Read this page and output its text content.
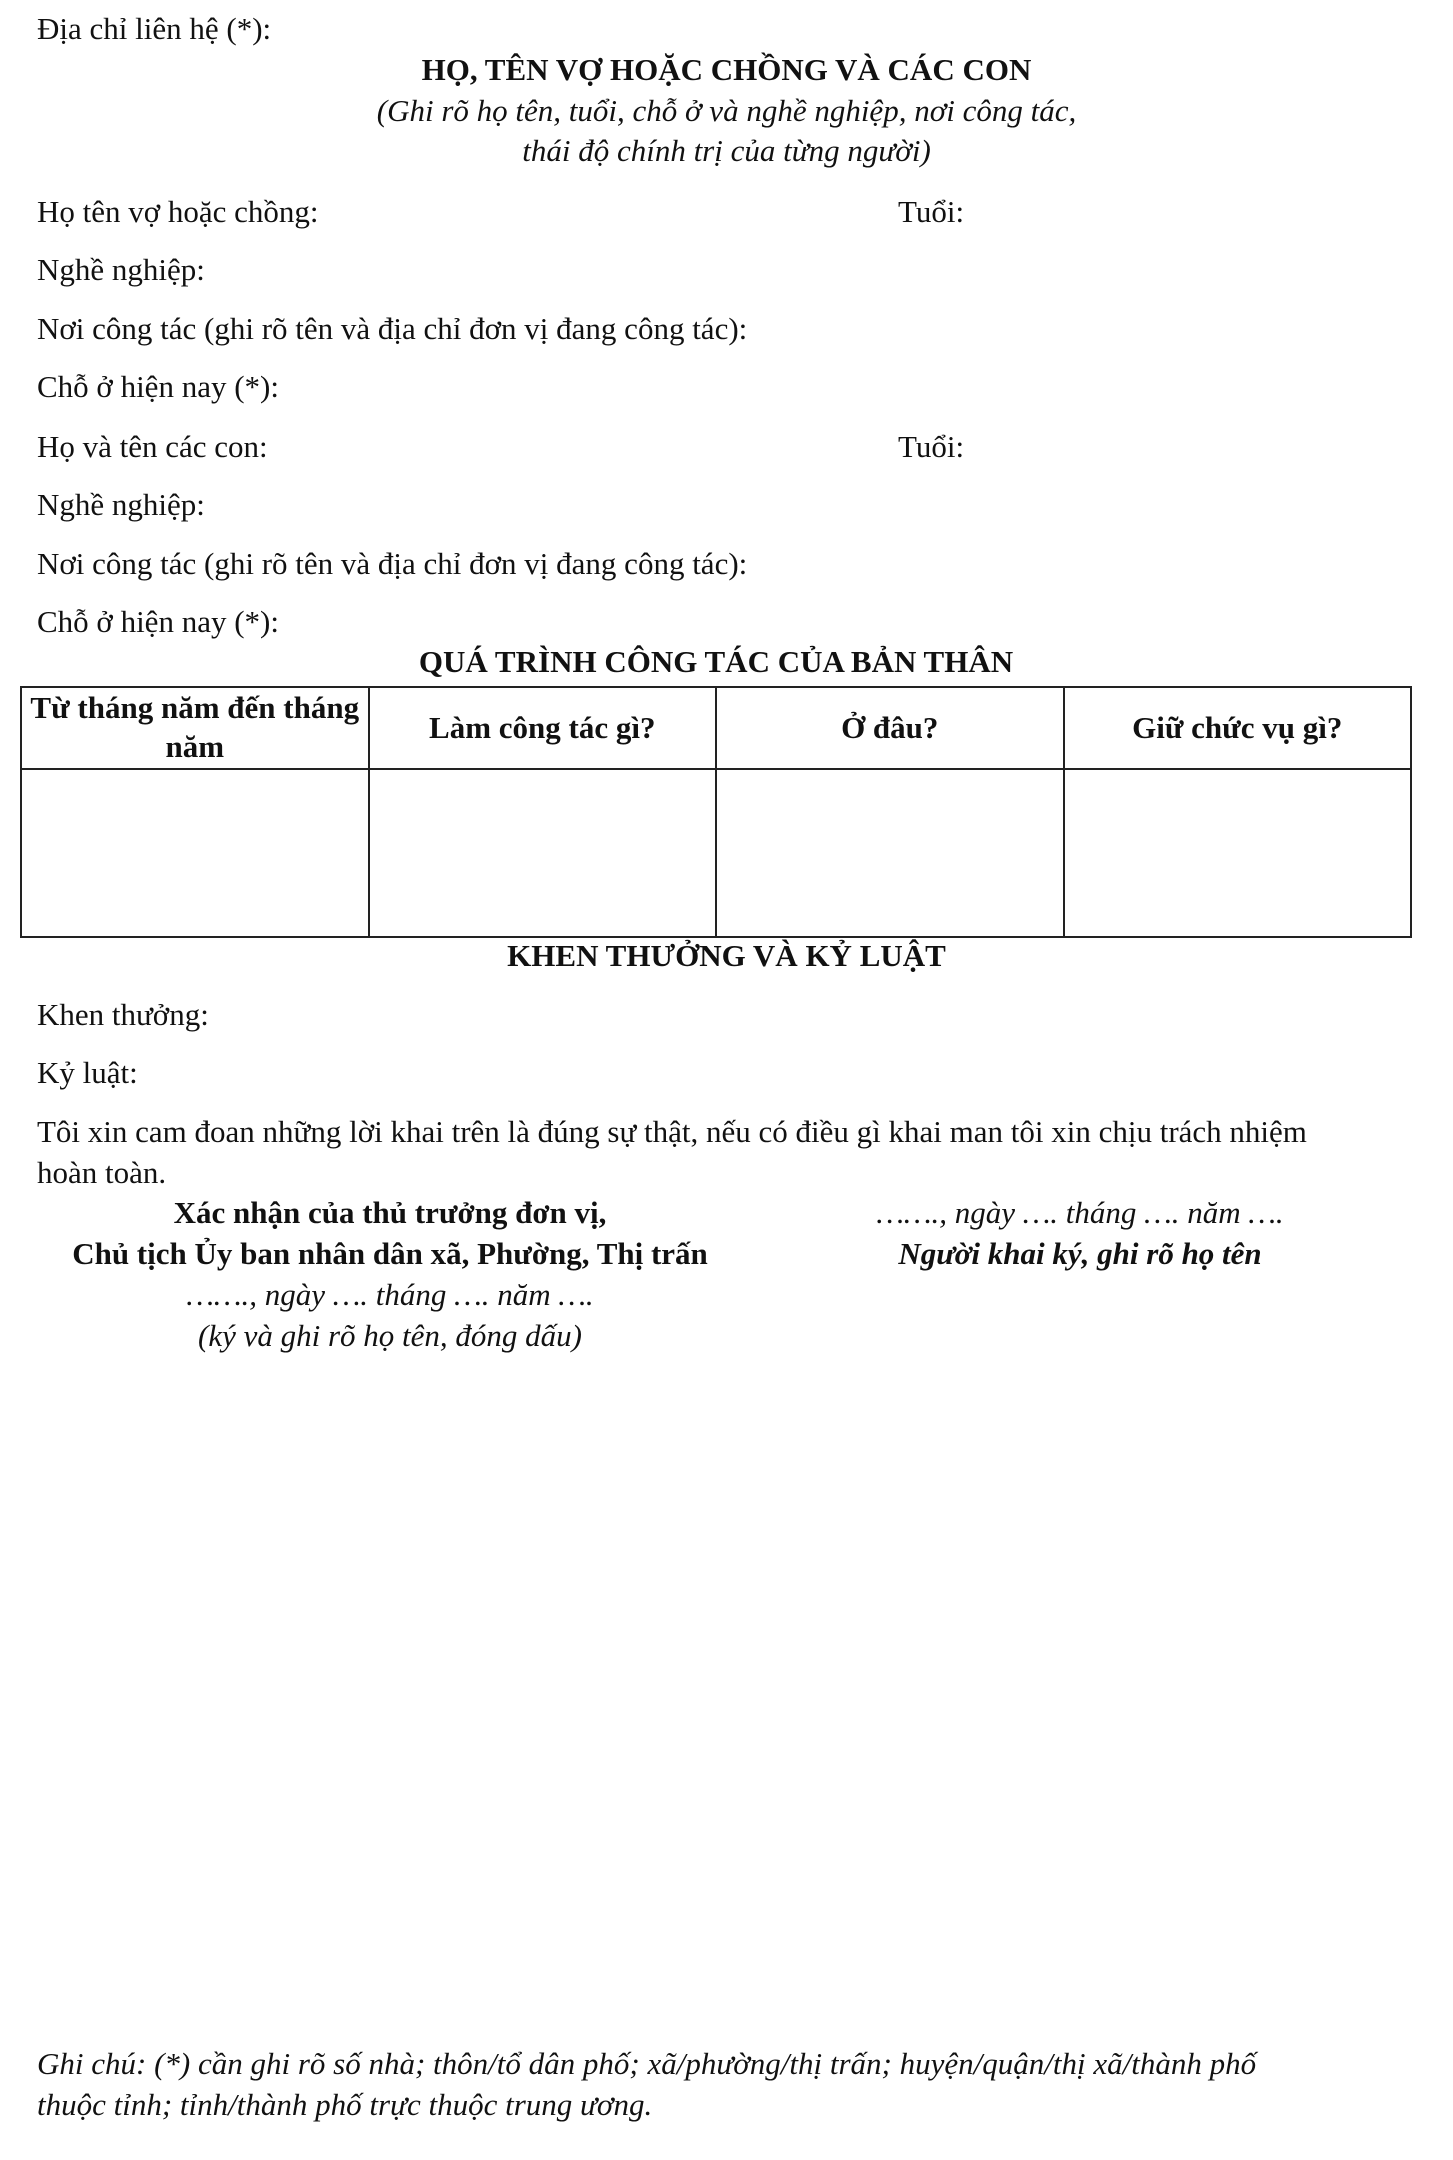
Địa chỉ liên hệ (*):
HỌ, TÊN VỢ HOẶC CHỒNG VÀ CÁC CON
(Ghi rõ họ tên, tuổi, chỗ ở và nghề nghiệp, nơi công tác,
thái độ chính trị của từng người)
Họ tên vợ hoặc chồng:	Tuổi:
Nghề nghiệp:
Nơi công tác (ghi rõ tên và địa chỉ đơn vị đang công tác):
Chỗ ở hiện nay (*):
Họ và tên các con:	Tuổi:
Nghề nghiệp:
Nơi công tác (ghi rõ tên và địa chỉ đơn vị đang công tác):
Chỗ ở hiện nay (*):
QUÁ TRÌNH CÔNG TÁC CỦA BẢN THÂN
Từ tháng năm đến tháng năm	Làm công tác gì?	Ở đâu?	Giữ chức vụ gì?

KHEN THƯỞNG VÀ KỶ LUẬT
Khen thưởng:
Kỷ luật:
Tôi xin cam đoan những lời khai trên là đúng sự thật, nếu có điều gì khai man tôi xin chịu trách nhiệm
hoàn toàn.
Xác nhận của thủ trưởng đơn vị,
Chủ tịch Ủy ban nhân dân xã, Phường, Thị trấn
……., ngày …. tháng …. năm ….
(ký và ghi rõ họ tên, đóng dấu)
……., ngày …. tháng …. năm ….
Người khai ký, ghi rõ họ tên
Ghi chú: (*) cần ghi rõ số nhà; thôn/tổ dân phố; xã/phường/thị trấn; huyện/quận/thị xã/thành phố
thuộc tỉnh; tỉnh/thành phố trực thuộc trung ương.
